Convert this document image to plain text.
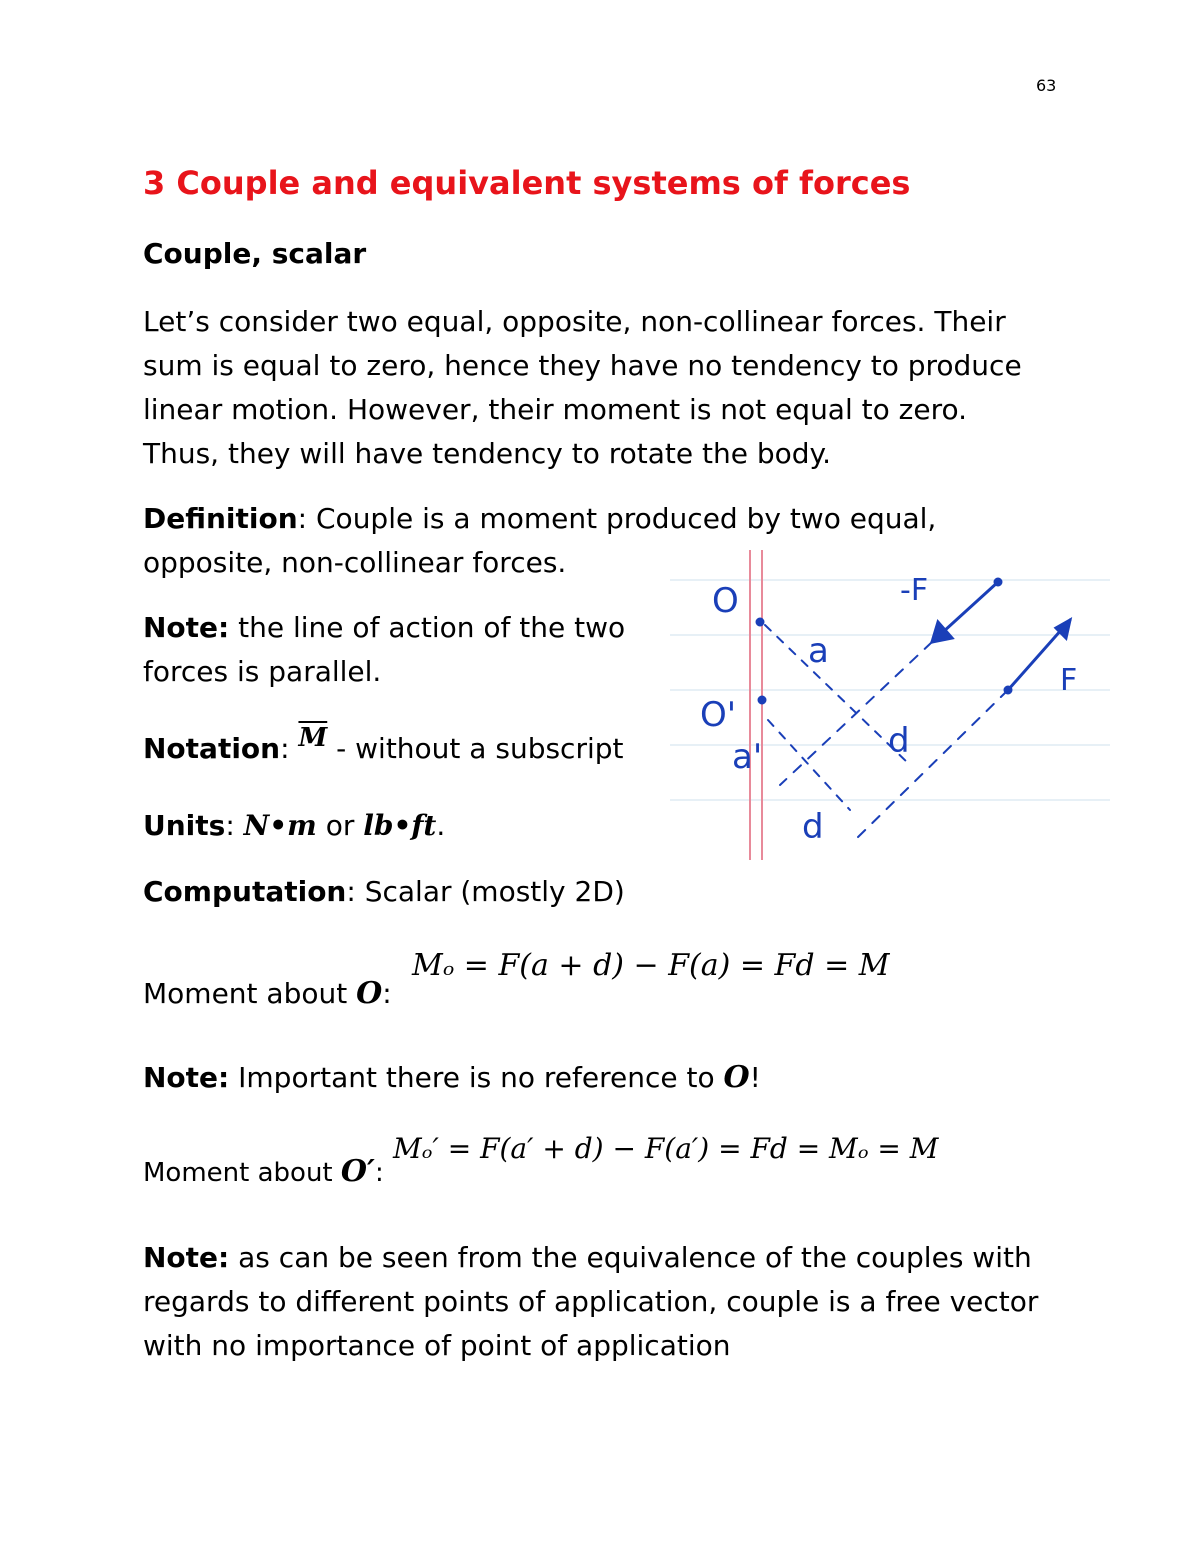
63
3 Couple and equivalent systems of forces
Couple, scalar
Let’s consider two equal, opposite, non-collinear forces. Their
sum is equal to zero, hence they have no tendency to produce
linear motion. However, their moment is not equal to zero.
Thus, they will have tendency to rotate the body.
Definition: Couple is a moment produced by two equal,
opposite, non-collinear forces.
Note: the line of action of the two
forces is parallel.
Notation: $\overline{M}$ - without a subscript
Units: N•m or lb•ft.
Computation: Scalar (mostly 2D)
Moment about O:
Mₒ = F(a + d) − F(a) = Fd = M
Note: Important there is no reference to O!
Moment about O′:
Mₒ′ = F(a′ + d) − F(a′) = Fd = Mₒ = M
Note: as can be seen from the equivalence of the couples with
regards to different points of application, couple is a free vector
with no importance of point of application
O
O'
a
a'	d
d
-F
F
